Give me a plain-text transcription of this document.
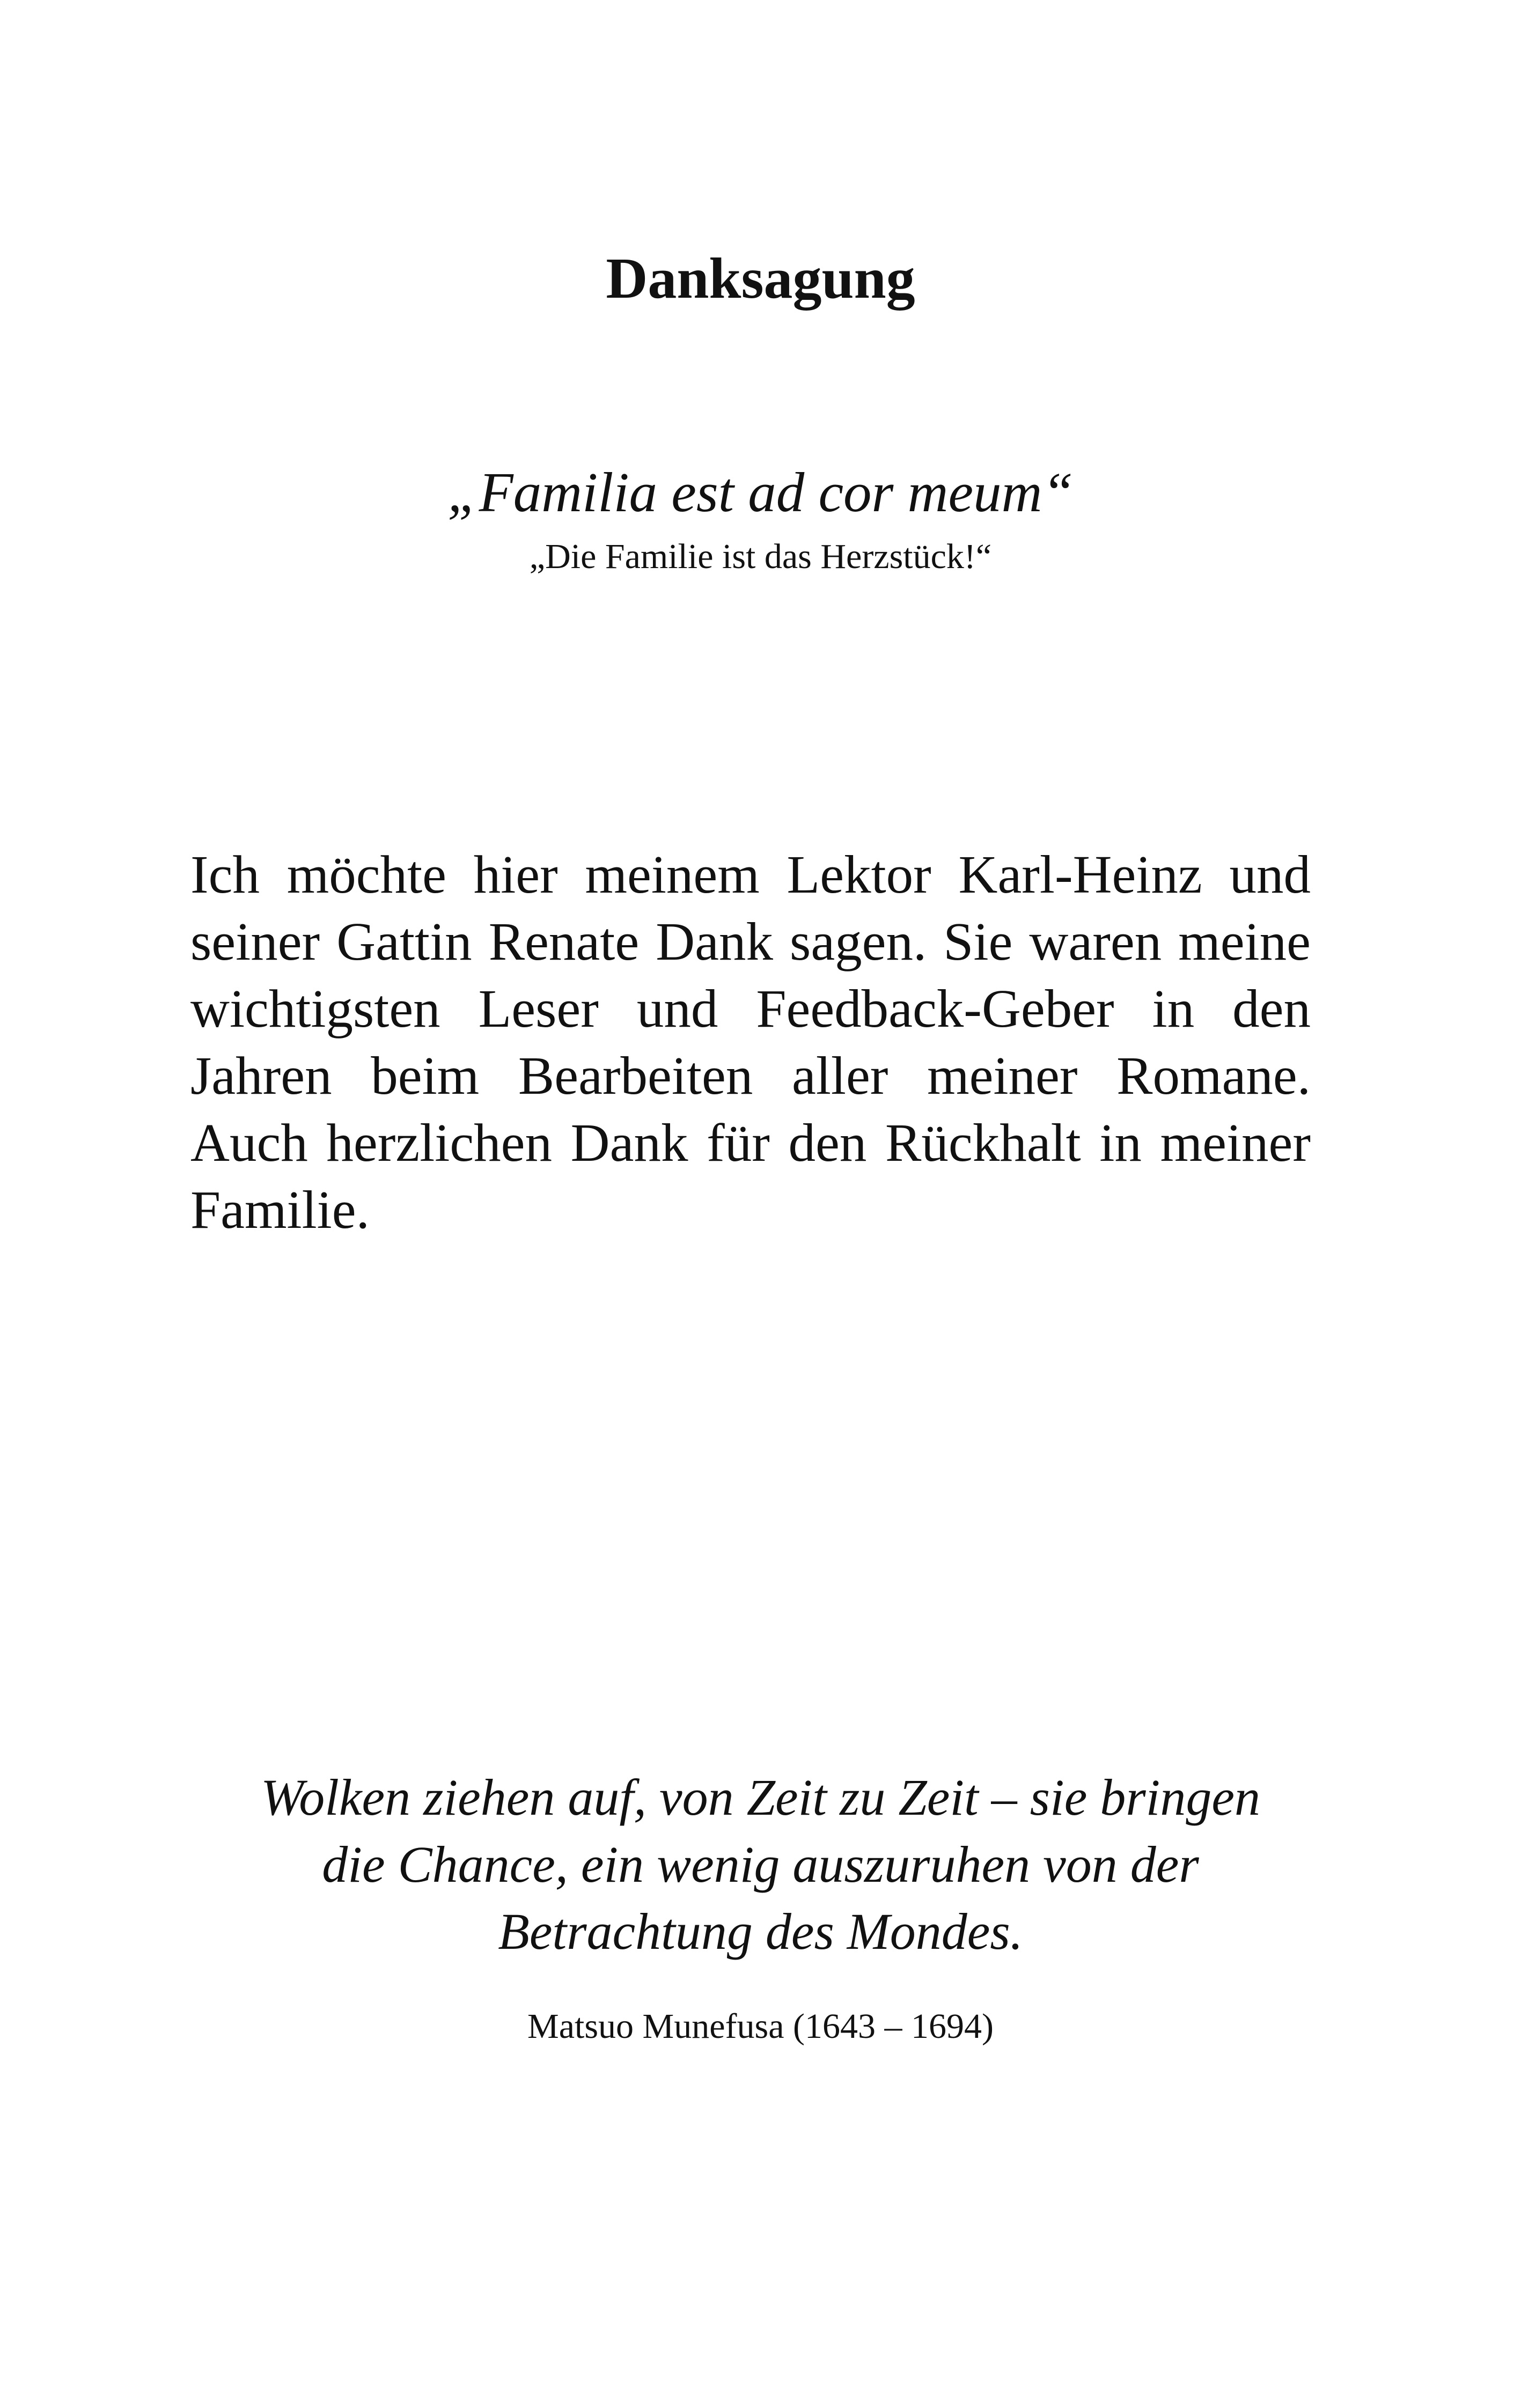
Danksagung

„Familia est ad cor meum“

„Die Familie ist das Herzstück!“

Ich möchte hier meinem Lektor Karl-Heinz und seiner Gattin Renate Dank sagen. Sie waren meine wichtigsten Leser und Feedback-Geber in den Jahren beim Bearbeiten aller meiner Romane. Auch herzlichen Dank für den Rückhalt in meiner Familie.

Wolken ziehen auf, von Zeit zu Zeit – sie bringen
die Chance, ein wenig auszuruhen von der
Betrachtung des Mondes.

Matsuo Munefusa (1643 – 1694)
